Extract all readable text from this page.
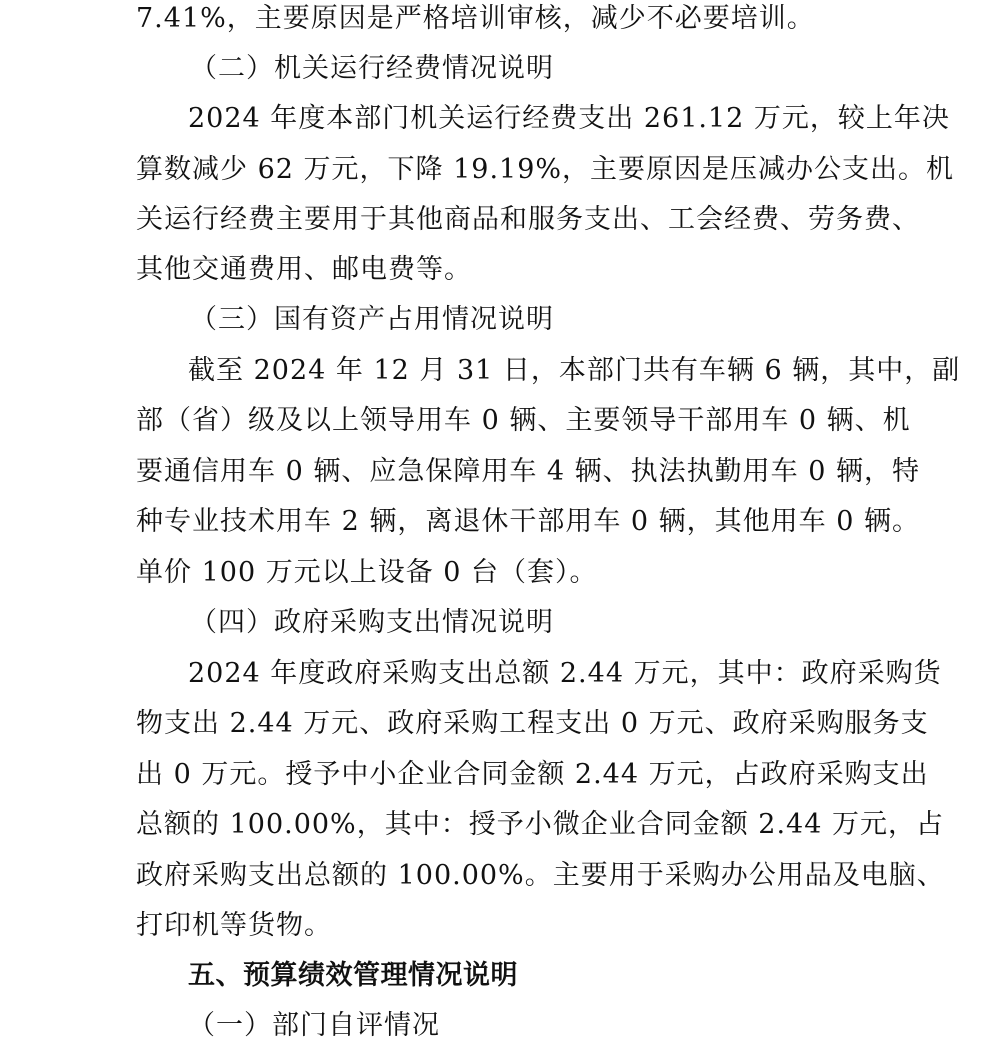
7.41%，主要原因是严格培训审核，减少不必要培训。
（二）机关运行经费情况说明
2024 年度本部门机关运行经费支出 261.12 万元，较上年决
算数减少 62 万元，下降 19.19%，主要原因是压减办公支出。机
关运行经费主要用于其他商品和服务支出、工会经费、劳务费、
其他交通费用、邮电费等。
（三）国有资产占用情况说明
截至 2024 年 12 月 31 日，本部门共有车辆 6 辆，其中，副
部（省）级及以上领导用车 0 辆、主要领导干部用车 0 辆、机
要通信用车 0 辆、应急保障用车 4 辆、执法执勤用车 0 辆，特
种专业技术用车 2 辆，离退休干部用车 0 辆，其他用车 0 辆。
单价 100 万元以上设备 0 台（套）。
（四）政府采购支出情况说明
2024 年度政府采购支出总额 2.44 万元，其中：政府采购货
物支出 2.44 万元、政府采购工程支出 0 万元、政府采购服务支
出 0 万元。授予中小企业合同金额 2.44 万元，占政府采购支出
总额的 100.00%，其中：授予小微企业合同金额 2.44 万元，占
政府采购支出总额的 100.00%。主要用于采购办公用品及电脑、
打印机等货物。
五、预算绩效管理情况说明
（一）部门自评情况
